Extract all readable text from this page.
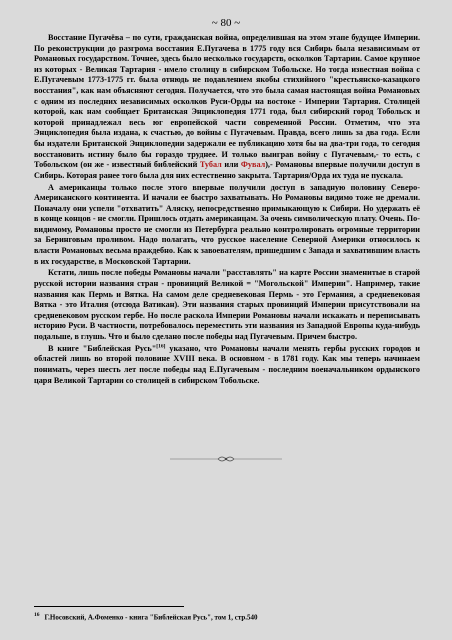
~ 80 ~

Восстание Пугачёва – по сути, гражданская война, определившая на этом этапе будущее Империи. По реконструкции до разгрома восстания Е.Пугачева в 1775 году вся Сибирь была независимым от Романовых государством. Точнее, здесь было несколько государств, осколков Тартарии. Самое крупное из которых - Великая Тартария - имело столицу в сибирском Тобольске. Но тогда известная война с Е.Пугачевым 1773-1775 гг. была отнюдь не подавлением якобы стихийного "крестьянско-казацкого восстания", как нам объясняют сегодня. Получается, что это была самая настоящая война Романовых с одним из последних независимых осколков Руси-Орды на востоке - Империи Тартария. Столицей которой, как нам сообщает Британская Энциклопедия 1771 года, был сибирский город Тобольск и которой принадлежал весь юг европейской части современной России. Отметим, что эта Энциклопедия была издана, к счастью, до войны с Пугачевым. Правда, всего лишь за два года. Если бы издатели Британской Энциклопедии задержали ее публикацию хотя бы на два-три года, то сегодня восстановить истину было бы гораздо труднее. И только выиграв войну с Пугачевым,- то есть, с Тобольском (он же - известный библейский Тубал или Фувал),- Романовы впервые получили доступ в Сибирь. Которая ранее того была для них естественно закрыта. Тартария/Орда их туда не пускала.

А американцы только после этого впервые получили доступ в западную половину Северо-Американского континента. И начали ее быстро захватывать. Но Романовы видимо тоже не дремали. Поначалу они успели "отхватить" Аляску, непосредственно примыкающую к Сибири. Но удержать её в конце концов - не смогли. Пришлось отдать американцам. За очень символическую плату. Очень. По-видимому, Романовы просто не смогли из Петербурга реально контролировать огромные территории за Беринговым проливом. Надо полагать, что русское население Северной Америки относилось к власти Романовых весьма враждебно. Как к завоевателям, пришедшим с Запада и захватившим власть в их государстве, в Московской Тартарии.

Кстати, лишь после победы Романовы начали "расставлять" на карте России знаменитые в старой русской истории названия стран - провинций Великой = "Могольской" Империи". Например, такие названия как Пермь и Вятка. На самом деле средневековая Пермь - это Германия, а средневековая Вятка - это Италия (отсюда Ватикан). Эти названия старых провинций Империи присутствовали на средневековом русском гербе. Но после раскола Империи Романовы начали искажать и переписывать историю Руси. В частности, потребовалось переместить эти названия из Западной Европы куда-нибудь подальше, в глушь. Что и было сделано после победы над Пугачевым. Причем быстро.

В книге "Библейская Русь"[16] указано, что Романовы начали менять гербы русских городов и областей лишь во второй половине XVIII века. В основном - в 1781 году. Как мы теперь начинаем понимать, через шесть лет после победы над Е.Пугачевым - последним военачальником ордынского царя Великой Тартарии со столицей в сибирском Тобольске.

$^{16}$ Г.Носовский, А.Фоменко - книга "Библейская Русь", том 1, стр.540
